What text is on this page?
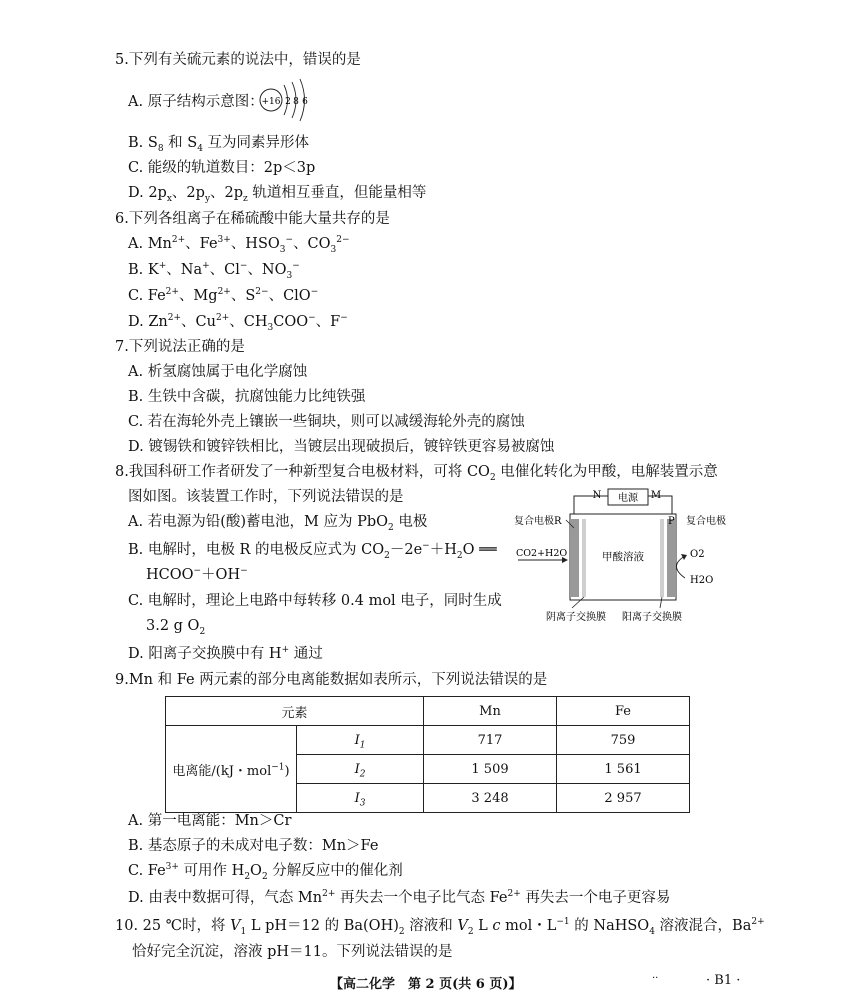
5.下列有关硫元素的说法中，错误的是
A. 原子结构示意图：
+16 2 8 6
B. $S_8$ 和 $S_4$ 互为同素异形体
C. 能级的轨道数目：2p＜3p
D. $2p_x$、$2p_y$、$2p_z$ 轨道相互垂直，但能量相等
6.下列各组离子在稀硫酸中能大量共存的是
A. $Mn^{2+}$、$Fe^{3+}$、$HSO_3^-$、$CO_3^{2-}$
B. K+、Na+、Cl−、$NO_3^-$
C. $Fe^{2+}$、$Mg^{2+}$、$S^{2-}$、ClO−
D. $Zn^{2+}$、$Cu^{2+}$、$CH_3COO^-$、F−
7.下列说法正确的是
A. 析氢腐蚀属于电化学腐蚀
B. 生铁中含碳，抗腐蚀能力比纯铁强
C. 若在海轮外壳上镶嵌一些铜块，则可以减缓海轮外壳的腐蚀
D. 镀锡铁和镀锌铁相比，当镀层出现破损后，镀锌铁更容易被腐蚀
8.我国科研工作者研发了一种新型复合电极材料，可将 $CO_2$ 电催化转化为甲酸，电解装置示意
图如图。该装置工作时，下列说法错误的是
A. 若电源为铅(酸)蓄电池，M 应为 PbO$_2$ 电极
B. 电解时，电极 R 的电极反应式为 $CO_2-2e^-+H_2O$ ══
HCOO−＋OH−
C. 电解时，理论上电路中每转移 0.4 mol 电子，同时生成
3.2 g $O_2$
D. 阳离子交换膜中有 H+ 通过
电源
N	M
甲酸溶液
复合电极R	P 复合电极
CO2+H2O	O2
H2O
阴离子交换膜 阳离子交换膜
9.Mn 和 Fe 两元素的部分电离能数据如表所示，下列说法错误的是
元素		Mn	Fe
电离能/(kJ・mol$^{-1}$)	$I_1$	717	759
	$I_2$	1 509	1 561
	$I_3$	3 248	2 957
A. 第一电离能：Mn＞Cr
B. 基态原子的未成对电子数：Mn＞Fe
C. $Fe^{3+}$ 可用作 $H_2O_2$ 分解反应中的催化剂
D. 由表中数据可得，气态 $Mn^{2+}$ 再失去一个电子比气态 $Fe^{2+}$ 再失去一个电子更容易
10. 25 ℃时，将 $V_1$ L pH＝12 的 $Ba(OH)_2$ 溶液和 $V_2$ L c mol・$L^{-1}$ 的 NaHSO$_4$ 溶液混合，$Ba^{2+}$
恰好完全沉淀，溶液 pH＝11。下列说法错误的是
【高二化学　第 2 页(共 6 页)】	··	· B1 ·
